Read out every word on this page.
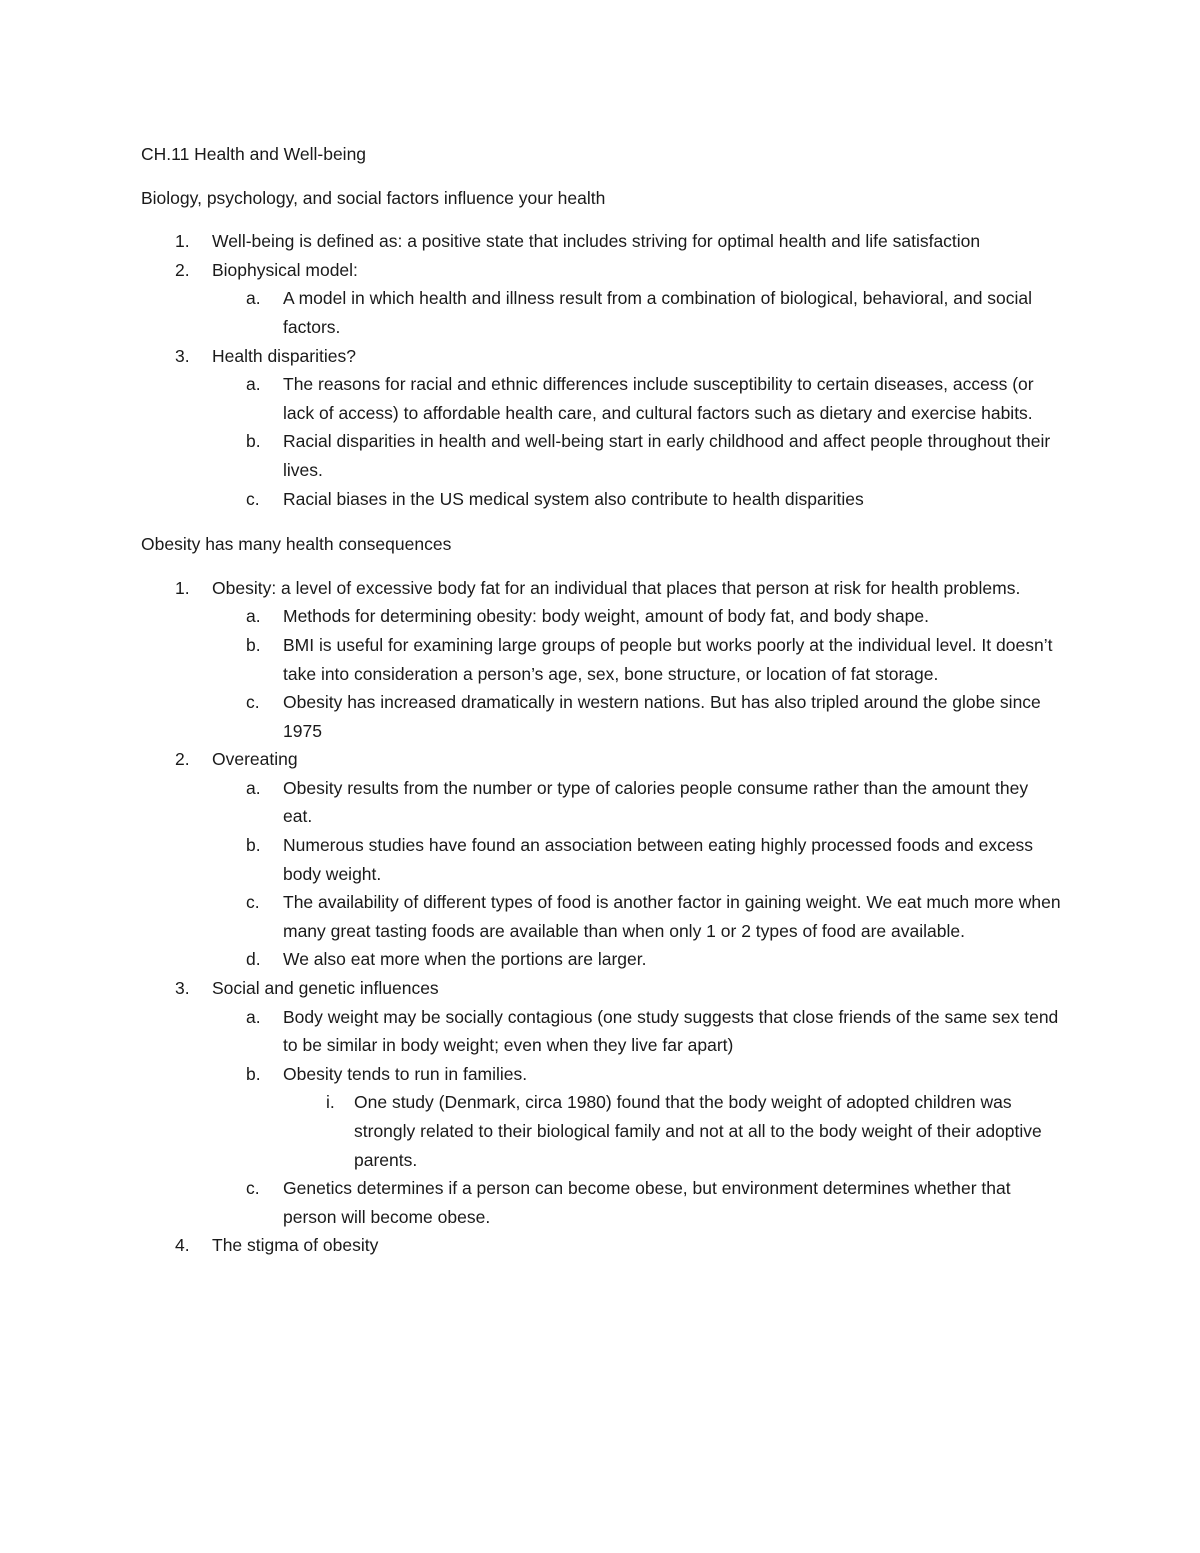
CH.11 Health and Well-being
Biology, psychology, and social factors influence your health
1. Well-being is defined as: a positive state that includes striving for optimal health and life satisfaction
2. Biophysical model:
a. A model in which health and illness result from a combination of biological, behavioral, and social factors.
3. Health disparities?
a. The reasons for racial and ethnic differences include susceptibility to certain diseases, access (or lack of access) to affordable health care, and cultural factors such as dietary and exercise habits.
b. Racial disparities in health and well-being start in early childhood and affect people throughout their lives.
c. Racial biases in the US medical system also contribute to health disparities
Obesity has many health consequences
1. Obesity: a level of excessive body fat for an individual that places that person at risk for health problems.
a. Methods for determining obesity: body weight, amount of body fat, and body shape.
b. BMI is useful for examining large groups of people but works poorly at the individual level. It doesn’t take into consideration a person’s age, sex, bone structure, or location of fat storage.
c. Obesity has increased dramatically in western nations. But has also tripled around the globe since 1975
2. Overeating
a. Obesity results from the number or type of calories people consume rather than the amount they eat.
b. Numerous studies have found an association between eating highly processed foods and excess body weight.
c. The availability of different types of food is another factor in gaining weight. We eat much more when many great tasting foods are available than when only 1 or 2 types of food are available.
d. We also eat more when the portions are larger.
3. Social and genetic influences
a. Body weight may be socially contagious (one study suggests that close friends of the same sex tend to be similar in body weight; even when they live far apart)
b. Obesity tends to run in families.
i. One study (Denmark, circa 1980) found that the body weight of adopted children was strongly related to their biological family and not at all to the body weight of their adoptive parents.
c. Genetics determines if a person can become obese, but environment determines whether that person will become obese.
4. The stigma of obesity
